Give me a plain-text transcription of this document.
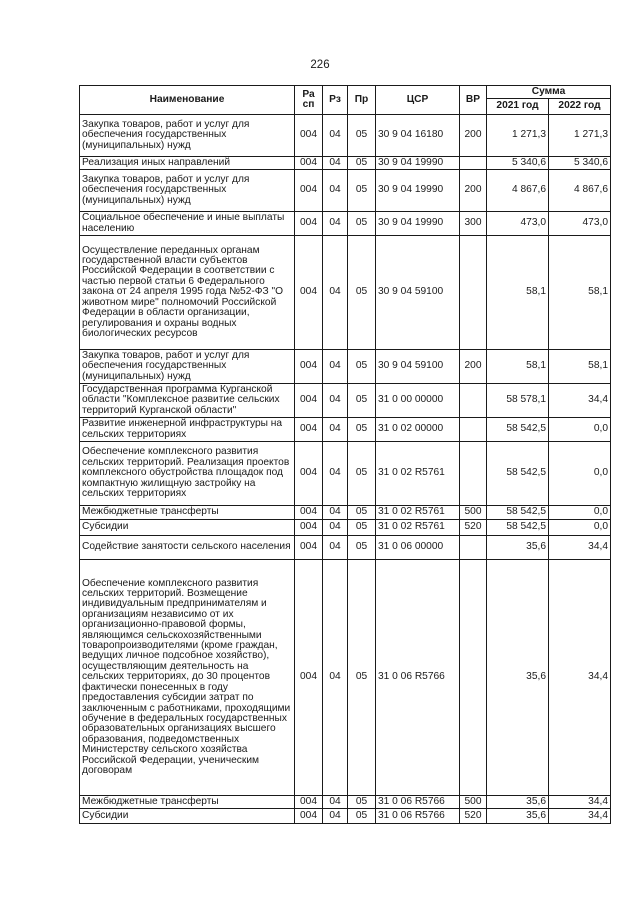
226
Наименование	Ра сп	Рз	Пр	ЦСР	ВР	Сумма	
						2021 год	2022 год
Закупка товаров, работ и услуг для обеспечения государственных (муниципальных) нужд	004	04	05	30 9 04 16180	200	1 271,3	1 271,3
Реализация иных направлений	004	04	05	30 9 04 19990		5 340,6	5 340,6
Закупка товаров, работ и услуг для обеспечения государственных (муниципальных) нужд	004	04	05	30 9 04 19990	200	4 867,6	4 867,6
Социальное обеспечение и иные выплаты населению	004	04	05	30 9 04 19990	300	473,0	473,0
Осуществление переданных органам государственной власти субъектов Российской Федерации в соответствии с частью первой статьи 6 Федерального закона от 24 апреля 1995 года №52-ФЗ "О животном мире" полномочий Российской Федерации в области организации, регулирования и охраны водных биологических ресурсов	004	04	05	30 9 04 59100		58,1	58,1
Закупка товаров, работ и услуг для обеспечения государственных (муниципальных) нужд	004	04	05	30 9 04 59100	200	58,1	58,1
Государственная программа Курганской области "Комплексное развитие сельских территорий Курганской области"	004	04	05	31 0 00 00000		58 578,1	34,4
Развитие инженерной инфраструктуры на сельских территориях	004	04	05	31 0 02 00000		58 542,5	0,0
Обеспечение комплексного развития сельских территорий. Реализация проектов комплексного обустройства площадок под компактную жилищную застройку на сельских территориях	004	04	05	31 0 02 R5761		58 542,5	0,0
Межбюджетные трансферты	004	04	05	31 0 02 R5761	500	58 542,5	0,0
Субсидии	004	04	05	31 0 02 R5761	520	58 542,5	0,0
Содействие занятости сельского населения	004	04	05	31 0 06 00000		35,6	34,4
Обеспечение комплексного развития сельских территорий. Возмещение индивидуальным предпринимателям и организациям независимо от их организационно-правовой формы, являющимся сельскохозяйственными товаропроизводителями (кроме граждан, ведущих личное подсобное хозяйство), осуществляющим деятельность на сельских территориях, до 30 процентов фактически понесенных в году предоставления субсидии затрат по заключенным с работниками, проходящими обучение в федеральных государственных образовательных организациях высшего образования, подведомственных Министерству сельского хозяйства Российской Федерации, ученическим договорам	004	04	05	31 0 06 R5766		35,6	34,4
Межбюджетные трансферты	004	04	05	31 0 06 R5766	500	35,6	34,4
Субсидии	004	04	05	31 0 06 R5766	520	35,6	34,4
